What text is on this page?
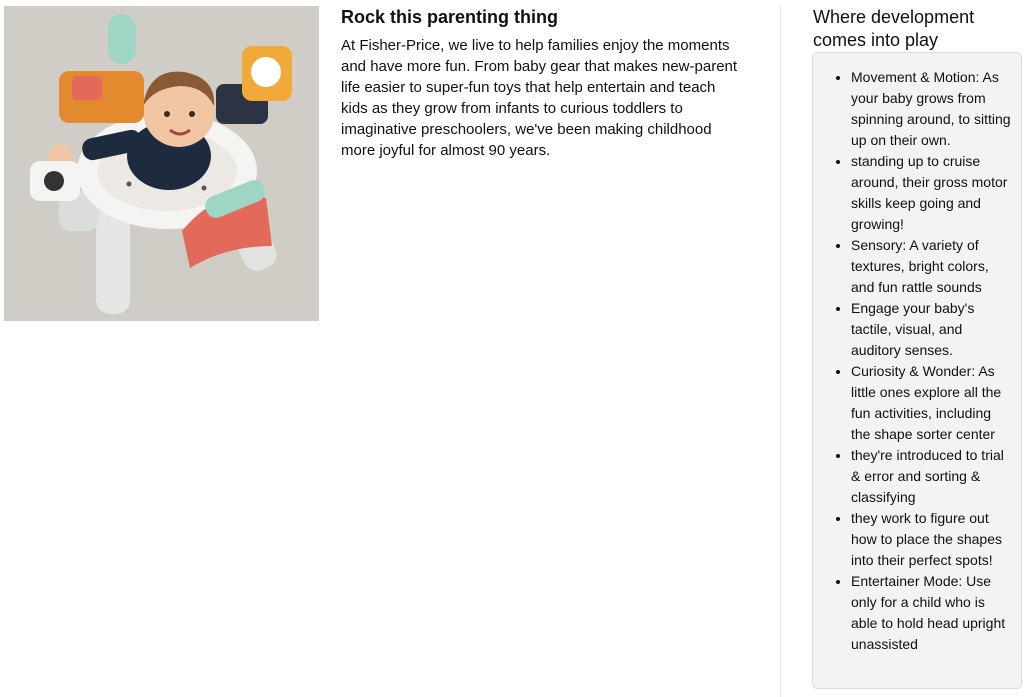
Rock this parenting thing

At Fisher-Price, we live to help families enjoy the moments and have more fun. From baby gear that makes new-parent life easier to super-fun toys that help entertain and teach kids as they grow from infants to curious toddlers to imaginative preschoolers, we've been making childhood more joyful for almost 90 years.

Where development comes into play
• Movement & Motion: As your baby grows from spinning around, to sitting up on their own.
• standing up to cruise around, their gross motor skills keep going and growing!
• Sensory: A variety of textures, bright colors, and fun rattle sounds
• Engage your baby's tactile, visual, and auditory senses.
• Curiosity & Wonder: As little ones explore all the fun activities, including the shape sorter center
• they're introduced to trial & error and sorting & classifying
• they work to figure out how to place the shapes into their perfect spots!
• Entertainer Mode: Use only for a child who is able to hold head upright unassisted
